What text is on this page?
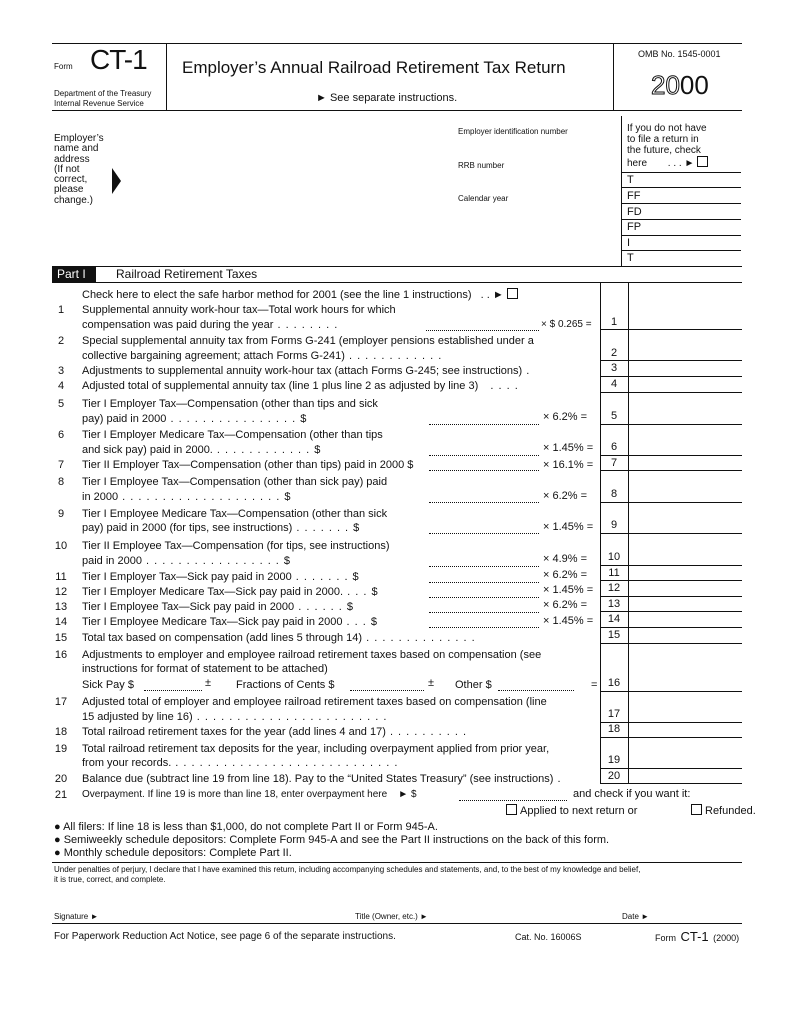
Form CT-1
Department of the Treasury
Internal Revenue Service
Employer’s Annual Railroad Retirement Tax Return
► See separate instructions.
OMB No. 1545-0001
2000
Employer’s
name and
address
(If not
correct,
please
change.)
Employer identification number
RRB number
Calendar year
If you do not have
to file a return in
the future, check
here . . . ►
T
FF
FD
FP
I
T
Part I	Railroad Retirement Taxes
Check here to elect the safe harbor method for 2001 (see the line 1 instructions) . . ►
1	Supplemental annuity work-hour tax—Total work hours for which
compensation was paid during the year . . . . . . . .	× $ 0.265 =	1
2	Special supplemental annuity tax from Forms G-241 (employer pensions established under a
collective bargaining agreement; attach Forms G-241) . . . . . . . . . . . .	2
3	Adjustments to supplemental annuity work-hour tax (attach Forms G-245; see instructions) .	3
4	Adjusted total of supplemental annuity tax (line 1 plus line 2 as adjusted by line 3)   . . . .	4
5	Tier I Employer Tax—Compensation (other than tips and sick
pay) paid in 2000 . . . . . . . . . . . . . . . . $	× 6.2% =	5
6	Tier I Employer Medicare Tax—Compensation (other than tips
and sick pay) paid in 2000. . . . . . . . . . . . . $	× 1.45% =	6
7	Tier II Employer Tax—Compensation (other than tips) paid in 2000 $	× 16.1% =	7
8	Tier I Employee Tax—Compensation (other than sick pay) paid
in 2000 . . . . . . . . . . . . . . . . . . . . $	× 6.2% =	8
9	Tier I Employee Medicare Tax—Compensation (other than sick
pay) paid in 2000 (for tips, see instructions) . . . . . . . $	× 1.45% =	9
10 Tier II Employee Tax—Compensation (for tips, see instructions)
paid in 2000 . . . . . . . . . . . . . . . . . $	× 4.9% =	10
11 Tier I Employer Tax—Sick pay paid in 2000 . . . . . . . $	× 6.2% =	11
12 Tier I Employer Medicare Tax—Sick pay paid in 2000. . . . $	× 1.45% =	12
13 Tier I Employee Tax—Sick pay paid in 2000 . . . . . . $	× 6.2% =	13
14 Tier I Employee Medicare Tax—Sick pay paid in 2000 . . . $	× 1.45% =	14
15 Total tax based on compensation (add lines 5 through 14) . . . . . . . . . . . . . .	15
16 Adjustments to employer and employee railroad retirement taxes based on compensation (see
instructions for format of statement to be attached)
Sick Pay $	± Fractions of Cents $	± Other $	= 16
17 Adjusted total of employer and employee railroad retirement taxes based on compensation (line
15 adjusted by line 16) . . . . . . . . . . . . . . . . . . . . . . . .	17
18 Total railroad retirement taxes for the year (add lines 4 and 17) . . . . . . . . . .	18
19 Total railroad retirement tax deposits for the year, including overpayment applied from prior year,
from your records. . . . . . . . . . . . . . . . . . . . . . . . . . . . .	19
20 Balance due (subtract line 19 from line 18). Pay to the “United States Treasury” (see instructions) .	20
21 Overpayment. If line 19 is more than line 18, enter overpayment here ► $	and check if you want it:
Applied to next return or	Refunded.
● All filers: If line 18 is less than $1,000, do not complete Part II or Form 945-A.
● Semiweekly schedule depositors: Complete Form 945-A and see the Part II instructions on the back of this form.
● Monthly schedule depositors: Complete Part II.
Under penalties of perjury, I declare that I have examined this return, including accompanying schedules and statements, and, to the best of my knowledge and belief,
it is true, correct, and complete.
Signature ►	Title (Owner, etc.) ►	Date ►
For Paperwork Reduction Act Notice, see page 6 of the separate instructions.	Cat. No. 16006S	Form CT-1 (2000)
